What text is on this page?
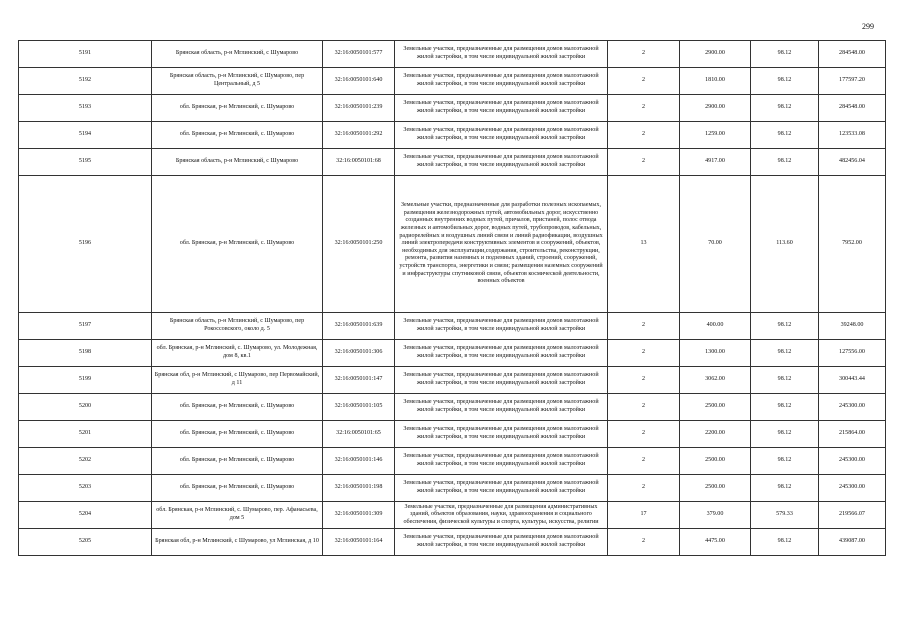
299
5191	Брянская область, р-н Мглинский, с Шумарово	32:16:0050101:577	Земельные участки, предназначенные для размещения домов малоэтажной жилой застройки, в том числе индивидуальной жилой застройки	2	2900.00	98.12	284548.00
5192	Брянская область, р-н Мглинский, с Шумарово, пер Центральный, д 5	32:16:0050101:640	Земельные участки, предназначенные для размещения домов малоэтажной жилой застройки, в том числе индивидуальной жилой застройки	2	1810.00	98.12	177597.20
5193	обл. Брянская, р-н Мглинский, с. Шумарово	32:16:0050101:239	Земельные участки, предназначенные для размещения домов малоэтажной жилой застройки, в том числе индивидуальной жилой застройки	2	2900.00	98.12	284548.00
5194	обл. Брянская, р-н Мглинский, с. Шумарово	32:16:0050101:292	Земельные участки, предназначенные для размещения домов малоэтажной жилой застройки, в том числе индивидуальной жилой застройки	2	1259.00	98.12	123533.08
5195	Брянская область, р-н Мглинский, с Шумарово	32:16:0050101:68	Земельные участки, предназначенные для размещения домов малоэтажной жилой застройки, в том числе индивидуальной жилой застройки	2	4917.00	98.12	482456.04
5196	обл. Брянская, р-н Мглинский, с. Шумарово	32:16:0050101:250	Земельные участки, предназначенные для разработки полезных ископаемых, размещения железнодорожных путей, автомобильных дорог, искусственно созданных внутренних водных путей, причалов, пристаней, полос отвода железных и автомобильных дорог, водных путей, трубопроводов, кабельных, радиорелейных и воздушных линий связи и линий радиофикации, воздушных линий электропередачи конструктивных элементов и сооружений, объектов, необходимых для эксплуатации,содержания, строительства, реконструкции, ремонта, развития наземных и подземных зданий, строений, сооружений, устройств транспорта, энергетики и связи; размещения наземных сооружений и инфраструктуры спутниковой связи, объектов космической деятельности, военных объектов	13	70.00	113.60	7952.00
5197	Брянская область, р-н Мглинский, с Шумарово, пер Рокоссовского, около д. 5	32:16:0050101:639	Земельные участки, предназначенные для размещения домов малоэтажной жилой застройки, в том числе индивидуальной жилой застройки	2	400.00	98.12	39248.00
5198	обл. Брянская, р-н Мглинский, с. Шумарово, ул. Молодежная, дом 8, кв.1	32:16:0050101:306	Земельные участки, предназначенные для размещения домов малоэтажной жилой застройки, в том числе индивидуальной жилой застройки	2	1300.00	98.12	127556.00
5199	Брянская обл, р-н Мглинский, с Шумарово, пер Первомайский, д 11	32:16:0050101:147	Земельные участки, предназначенные для размещения домов малоэтажной жилой застройки, в том числе индивидуальной жилой застройки	2	3062.00	98.12	300443.44
5200	обл. Брянская, р-н Мглинский, с. Шумарово	32:16:0050101:105	Земельные участки, предназначенные для размещения домов малоэтажной жилой застройки, в том числе индивидуальной жилой застройки	2	2500.00	98.12	245300.00
5201	обл. Брянская, р-н Мглинский, с. Шумарово	32:16:0050101:65	Земельные участки, предназначенные для размещения домов малоэтажной жилой застройки, в том числе индивидуальной жилой застройки	2	2200.00	98.12	215864.00
5202	обл. Брянская, р-н Мглинский, с. Шумарово	32:16:0050101:146	Земельные участки, предназначенные для размещения домов малоэтажной жилой застройки, в том числе индивидуальной жилой застройки	2	2500.00	98.12	245300.00
5203	обл. Брянская, р-н Мглинский, с. Шумарово	32:16:0050101:198	Земельные участки, предназначенные для размещения домов малоэтажной жилой застройки, в том числе индивидуальной жилой застройки	2	2500.00	98.12	245300.00
5204	обл. Брянская, р-н Мглинский, с. Шумарово, пер. Афанасьева, дом 5	32:16:0050101:309	Земельные участки, предназначенные для размещения административных зданий, объектов образования, науки, здравоохранения и социального обеспечения, физической культуры и спорта, культуры, искусства, религии	17	379.00	579.33	219566.07
5205	Брянская обл, р-н Мглинский, с Шумарово, ул Мглинская, д 10	32:16:0050101:164	Земельные участки, предназначенные для размещения домов малоэтажной жилой застройки, в том числе индивидуальной жилой застройки	2	4475.00	98.12	439087.00
